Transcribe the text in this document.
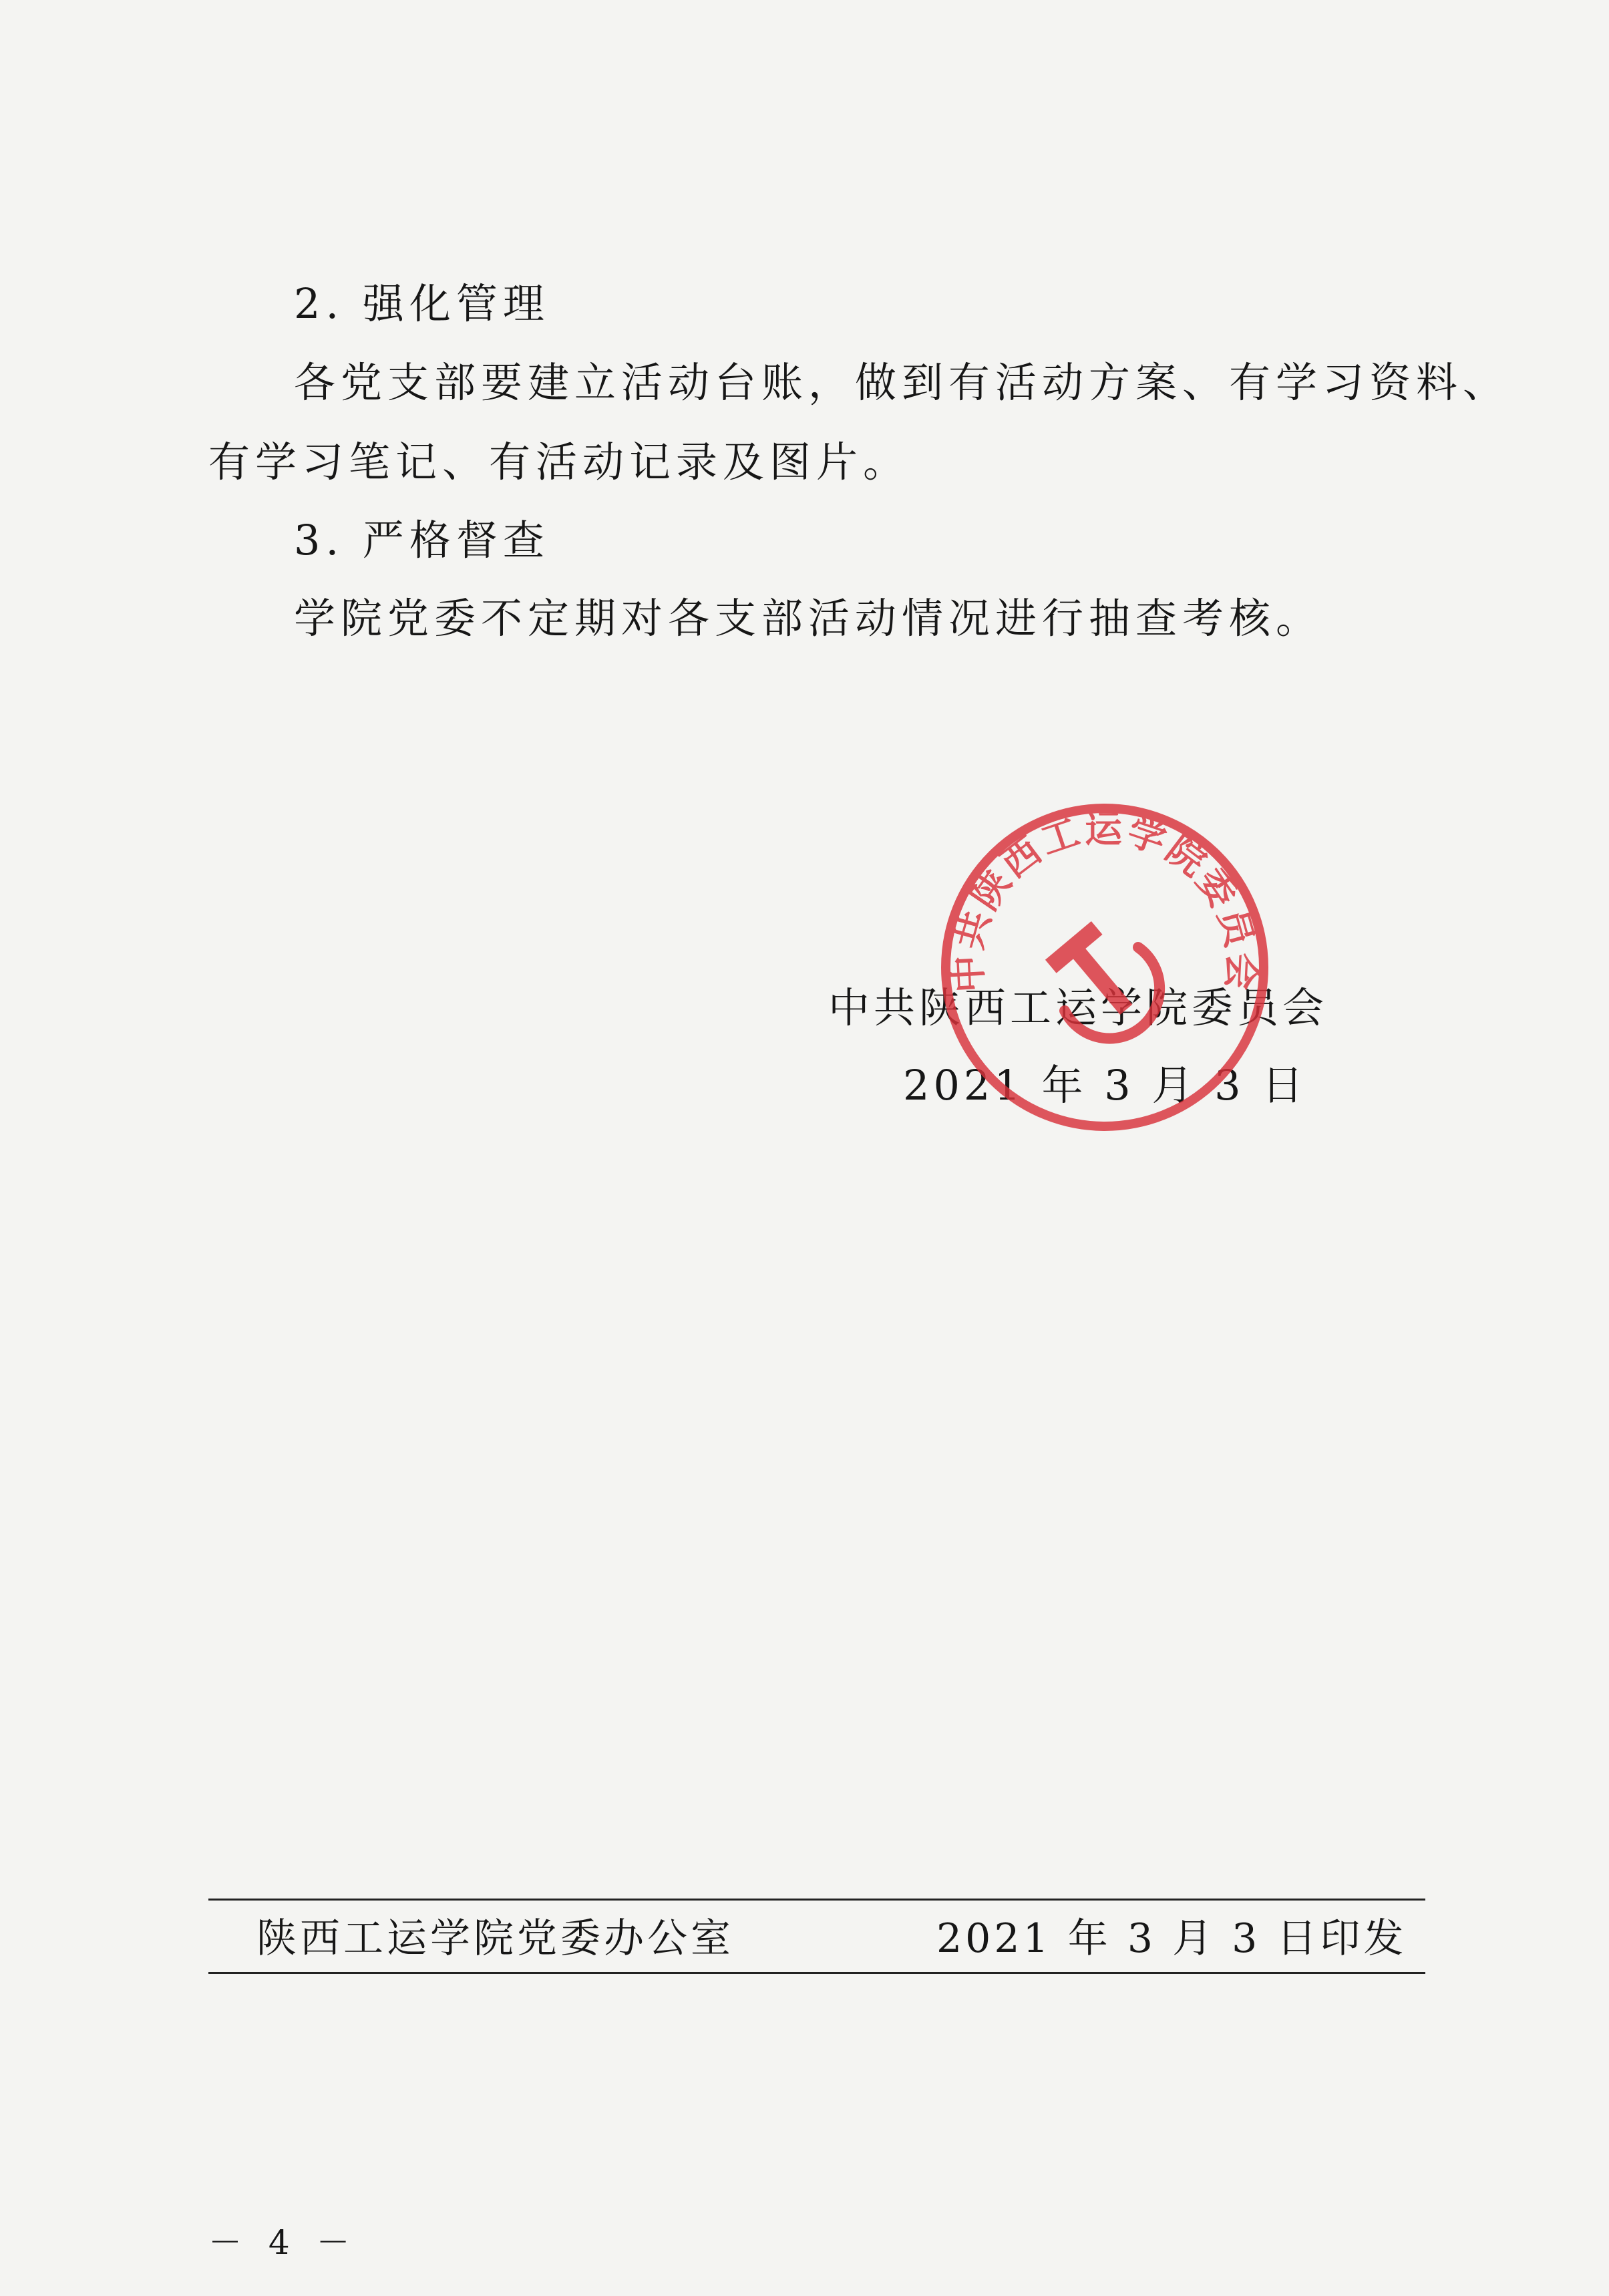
2. 强化管理
各党支部要建立活动台账，做到有活动方案、有学习资料、
有学习笔记、有活动记录及图片。
3. 严格督查
学院党委不定期对各支部活动情况进行抽查考核。
中共陕西工运学院委员会
2021 年 3 月 3 日
中共陕西工运学院委员会
陕西工运学院党委办公室	2021 年 3 月 3 日印发
－ 4 －
